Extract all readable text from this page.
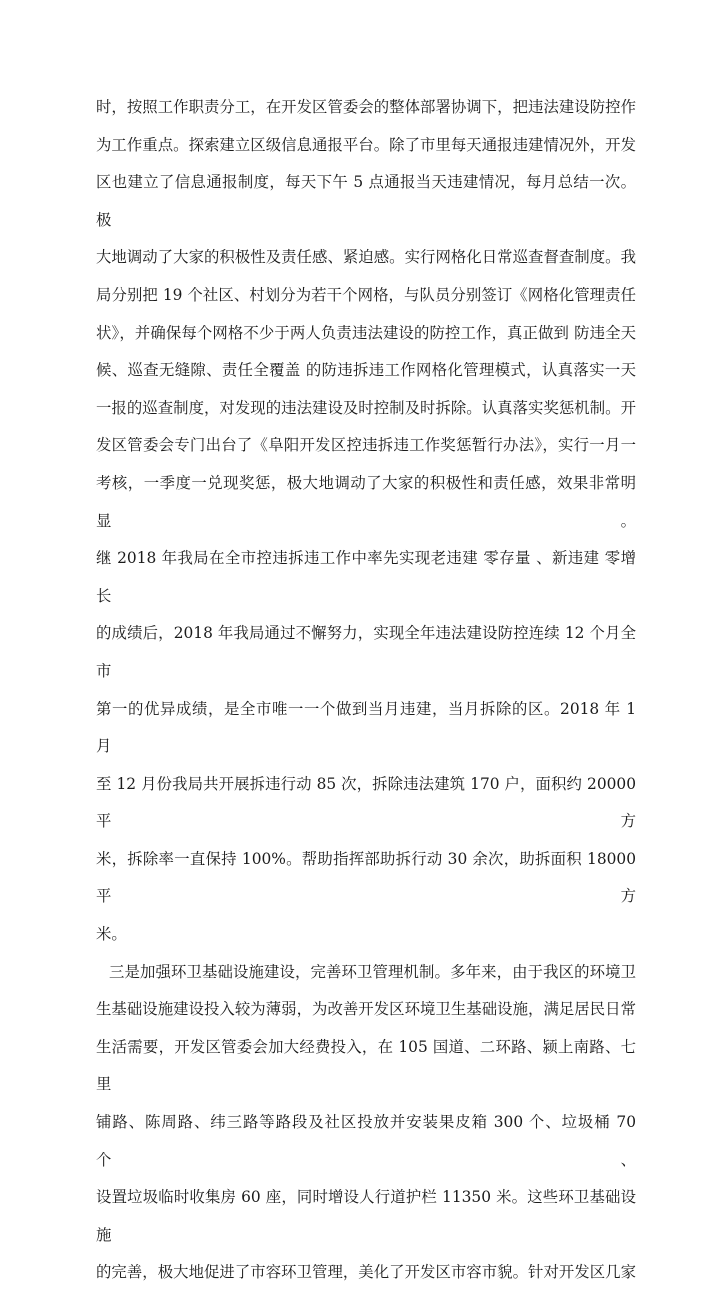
时，按照工作职责分工，在开发区管委会的整体部署协调下，把违法建设防控作
为工作重点。探索建立区级信息通报平台。除了市里每天通报违建情况外，开发
区也建立了信息通报制度，每天下午 5 点通报当天违建情况，每月总结一次。极
大地调动了大家的积极性及责任感、紧迫感。实行网格化日常巡查督查制度。我
局分别把 19 个社区、村划分为若干个网格，与队员分别签订《网格化管理责任
状》，并确保每个网格不少于两人负责违法建设的防控工作，真正做到 防违全天
候、巡查无缝隙、责任全覆盖 的防违拆违工作网格化管理模式，认真落实一天
一报的巡查制度，对发现的违法建设及时控制及时拆除。认真落实奖惩机制。开
发区管委会专门出台了《阜阳开发区控违拆违工作奖惩暂行办法》，实行一月一
考核，一季度一兑现奖惩，极大地调动了大家的积极性和责任感，效果非常明显。
继 2018 年我局在全市控违拆违工作中率先实现老违建 零存量 、新违建 零增长
的成绩后，2018 年我局通过不懈努力，实现全年违法建设防控连续 12 个月全市
第一的优异成绩，是全市唯一一个做到当月违建，当月拆除的区。2018 年 1 月
至 12 月份我局共开展拆违行动 85 次，拆除违法建筑 170 户，面积约 20000 平方
米，拆除率一直保持 100%。帮助指挥部助拆行动 30 余次，助拆面积 18000 平方
米。
三是加强环卫基础设施建设，完善环卫管理机制。多年来，由于我区的环境卫
生基础设施建设投入较为薄弱，为改善开发区环境卫生基础设施，满足居民日常
生活需要，开发区管委会加大经费投入，在 105 国道、二环路、颍上南路、七里
铺路、陈周路、纬三路等路段及社区投放并安装果皮箱 300 个、垃圾桶 70 个、
设置垃圾临时收集房 60 座，同时增设人行道护栏 11350 米。这些环卫基础设施
的完善，极大地促进了市容环卫管理，美化了开发区市容市貌。针对开发区几家
